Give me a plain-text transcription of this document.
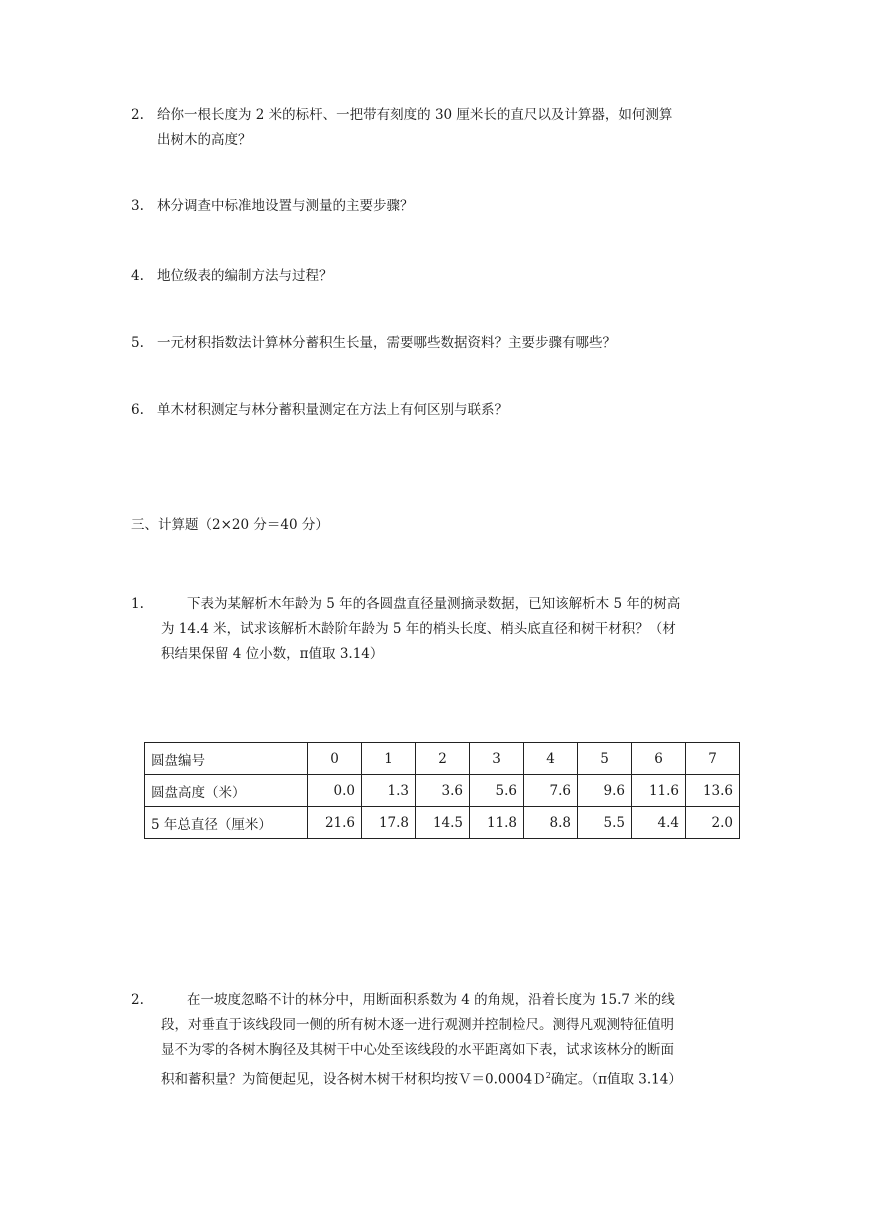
2. 给你一根长度为 2 米的标杆、一把带有刻度的 30 厘米长的直尺以及计算器，如何测算
出树木的高度？
3. 林分调查中标准地设置与测量的主要步骤？
4. 地位级表的编制方法与过程？
5. 一元材积指数法计算林分蓄积生长量，需要哪些数据资料？主要步骤有哪些？
6. 单木材积测定与林分蓄积量测定在方法上有何区别与联系？
三、计算题（2×20 分＝40 分）
1.	下表为某解析木年龄为 5 年的各圆盘直径量测摘录数据，已知该解析木 5 年的树高
为 14.4 米，试求该解析木龄阶年龄为 5 年的梢头长度、梢头底直径和树干材积？（材
积结果保留 4 位小数，π值取 3.14）
圆盘编号	0	1	2	3	4	5	6	7
圆盘高度（米）	0.0	1.3	3.6	5.6	7.6	9.6	11.6	13.6
5 年总直径（厘米）	21.6	17.8	14.5	11.8	8.8	5.5	4.4	2.0
2.	在一坡度忽略不计的林分中，用断面积系数为 4 的角规，沿着长度为 15.7 米的线
段，对垂直于该线段同一侧的所有树木逐一进行观测并控制检尺。测得凡观测特征值明
显不为零的各树木胸径及其树干中心处至该线段的水平距离如下表，试求该林分的断面
积和蓄积量？为简便起见，设各树木树干材积均按Ｖ＝0.0004Ｄ$^2$确定。（π值取 3.14）
